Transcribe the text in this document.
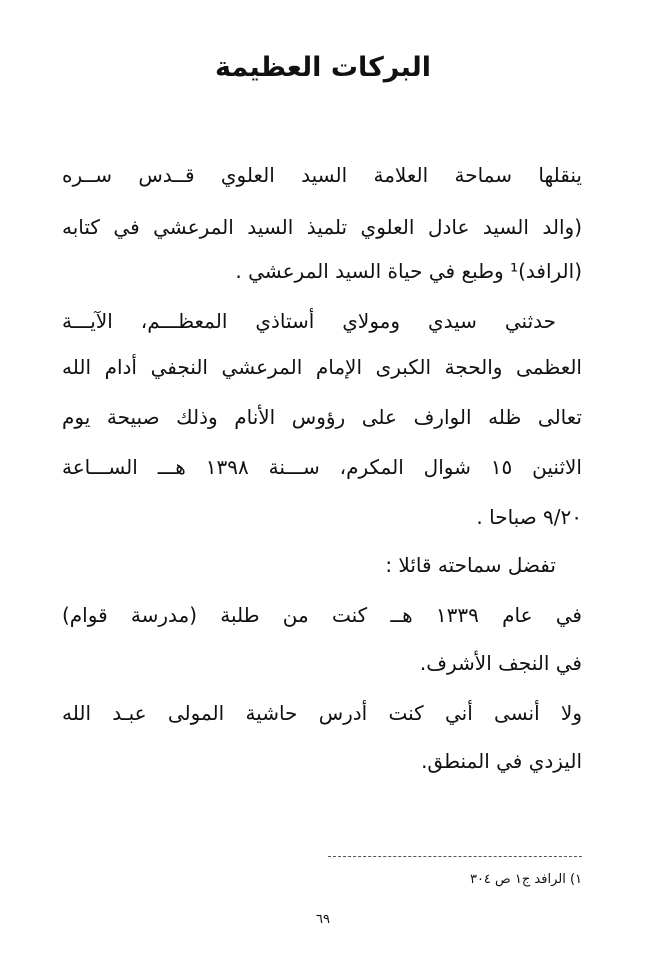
البركات العظيمة
ينقلها سماحة العلامة السيد العلوي قــدس ســره
(والد السيد عادل العلوي تلميذ السيد المرعشي في كتابه
(الرافد)¹ وطبع في حياة السيد المرعشي .
حدثني سيدي ومولاي أستاذي المعظـــم، الآيـــة
العظمى والحجة الكبرى الإمام المرعشي النجفي أدام الله
تعالى ظله الوارف على رؤوس الأنام وذلك صبيحة يوم
الاثنين ١٥ شوال المكرم، ســـنة ١٣٩٨ هـــ الســـاعة
٩/٢٠ صباحا .
تفضل سماحته قائلا :
في عام ١٣٣٩ هــ كنت من طلبة (مدرسة قوام)
في النجف الأشرف.
ولا أنسى أني كنت أدرس حاشية المولى عبـد الله
اليزدي في المنطق.
١) الرافد ج١ ص ٣٠٤
٦٩
